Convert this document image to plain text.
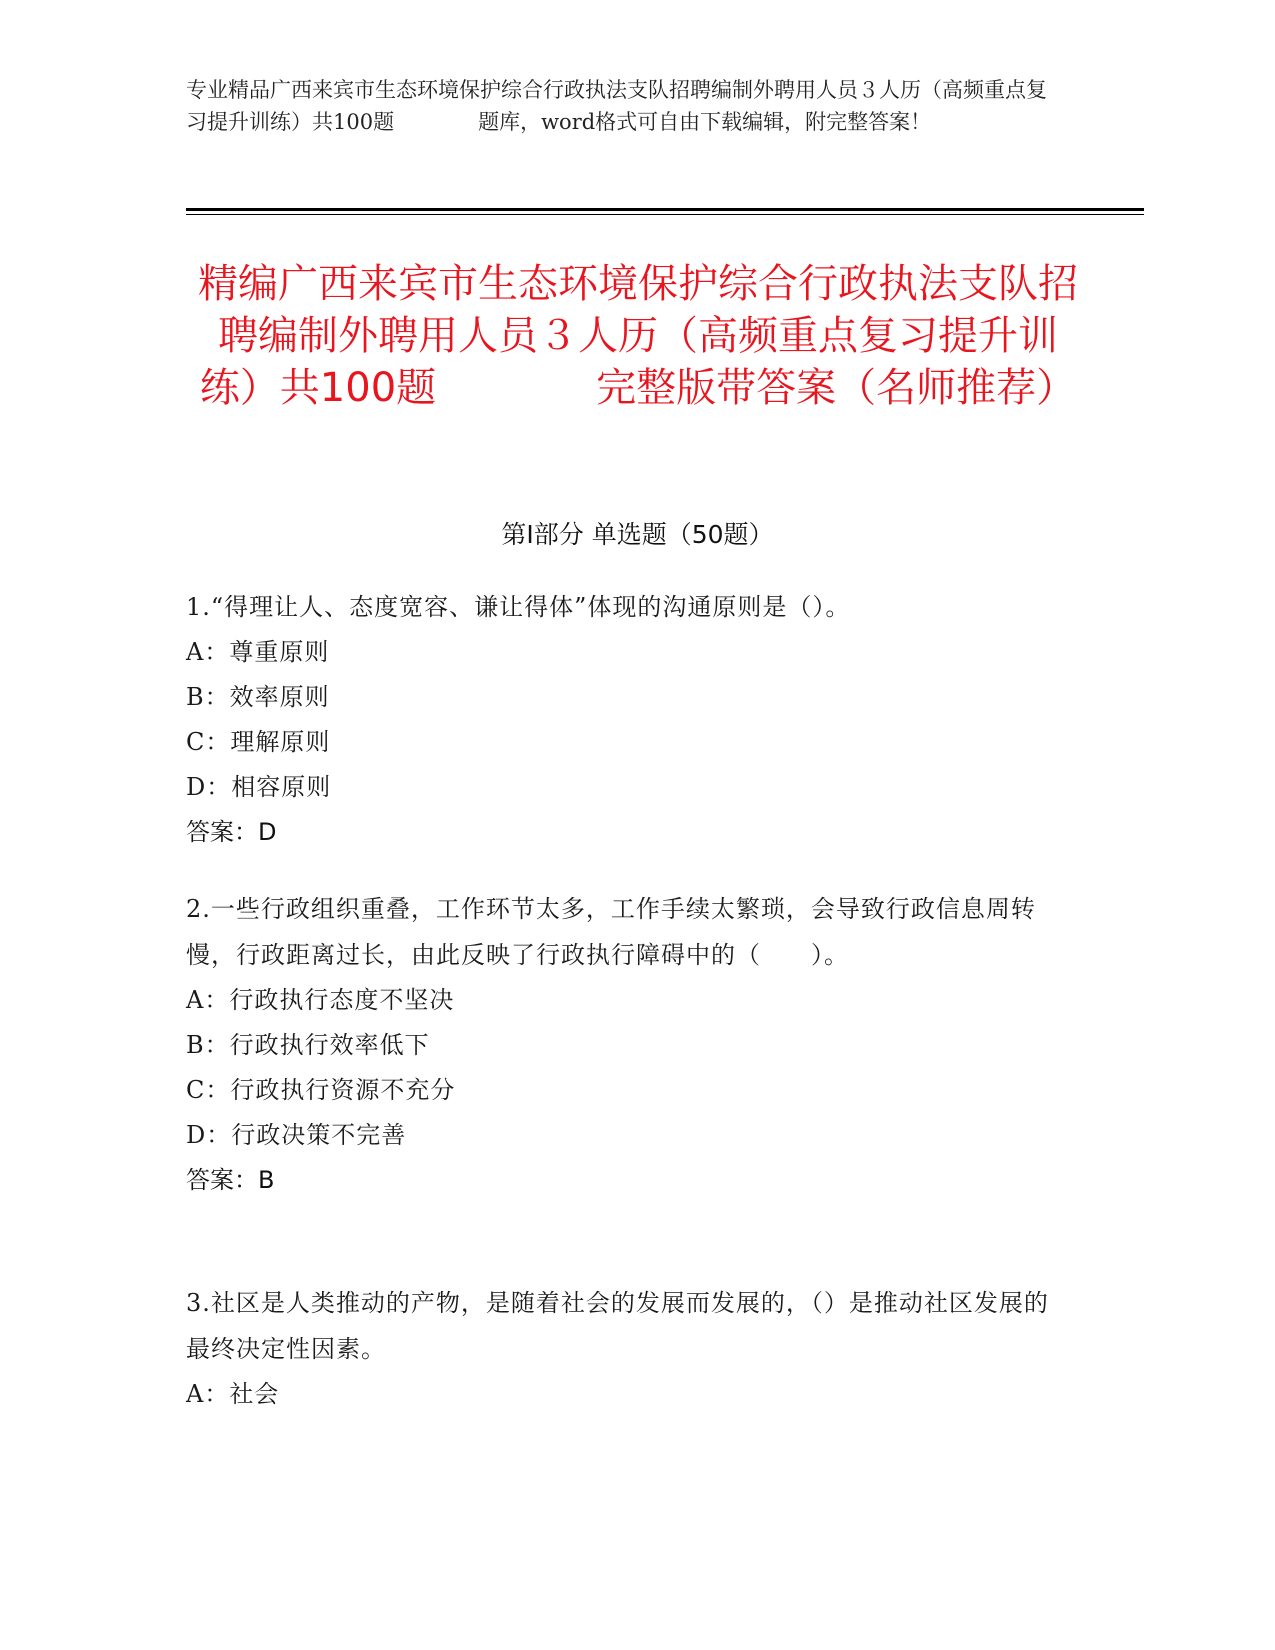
专业精品广西来宾市生态环境保护综合行政执法支队招聘编制外聘用人员３人历（高频重点复习提升训练）共100题　　　　题库，word格式可自由下载编辑，附完整答案！
精编广西来宾市生态环境保护综合行政执法支队招聘编制外聘用人员３人历（高频重点复习提升训练）共100题　　　　完整版带答案（名师推荐）
第Ⅰ部分 单选题（50题）
1.“得理让人、态度宽容、谦让得体”体现的沟通原则是（）。
A：尊重原则
B：效率原则
C：理解原则
D：相容原则
答案：D
2.一些行政组织重叠，工作环节太多，工作手续太繁琐，会导致行政信息周转慢，行政距离过长，由此反映了行政执行障碍中的（　　）。
A：行政执行态度不坚决
B：行政执行效率低下
C：行政执行资源不充分
D：行政决策不完善
答案：B
3.社区是人类推动的产物，是随着社会的发展而发展的，（）是推动社区发展的最终决定性因素。
A：社会
